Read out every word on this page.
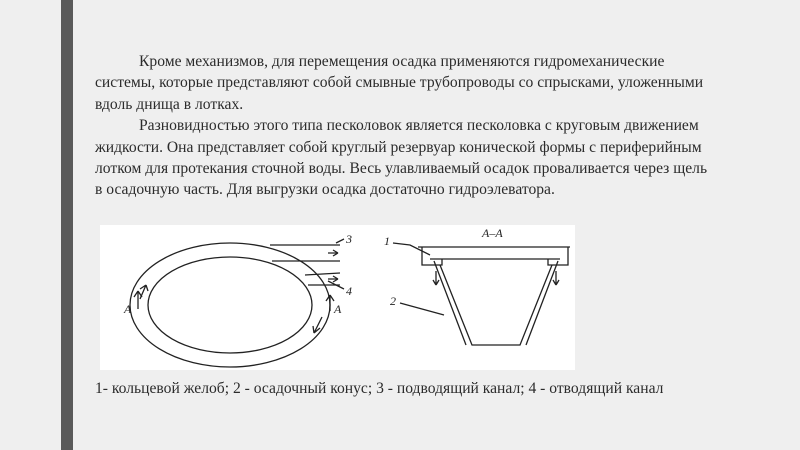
Кроме механизмов, для перемещения осадка применяются гидромеханические системы, которые представляют собой смывные трубопроводы со спрысками, уложенными вдоль днища в лотках.

Разновидностью этого типа песколовок является песколовка с круговым движением жидкости. Она представляет собой круглый резервуар конической формы с периферийным лотком для протекания сточной воды. Весь улавливаемый осадок проваливается через щель в осадочную часть. Для выгрузки осадка достаточно гидроэлеватора.

3
4
A	A
A–A
1
2
1- кольцевой желоб; 2 - осадочный конус; 3 - подводящий канал; 4 - отводящий канал
